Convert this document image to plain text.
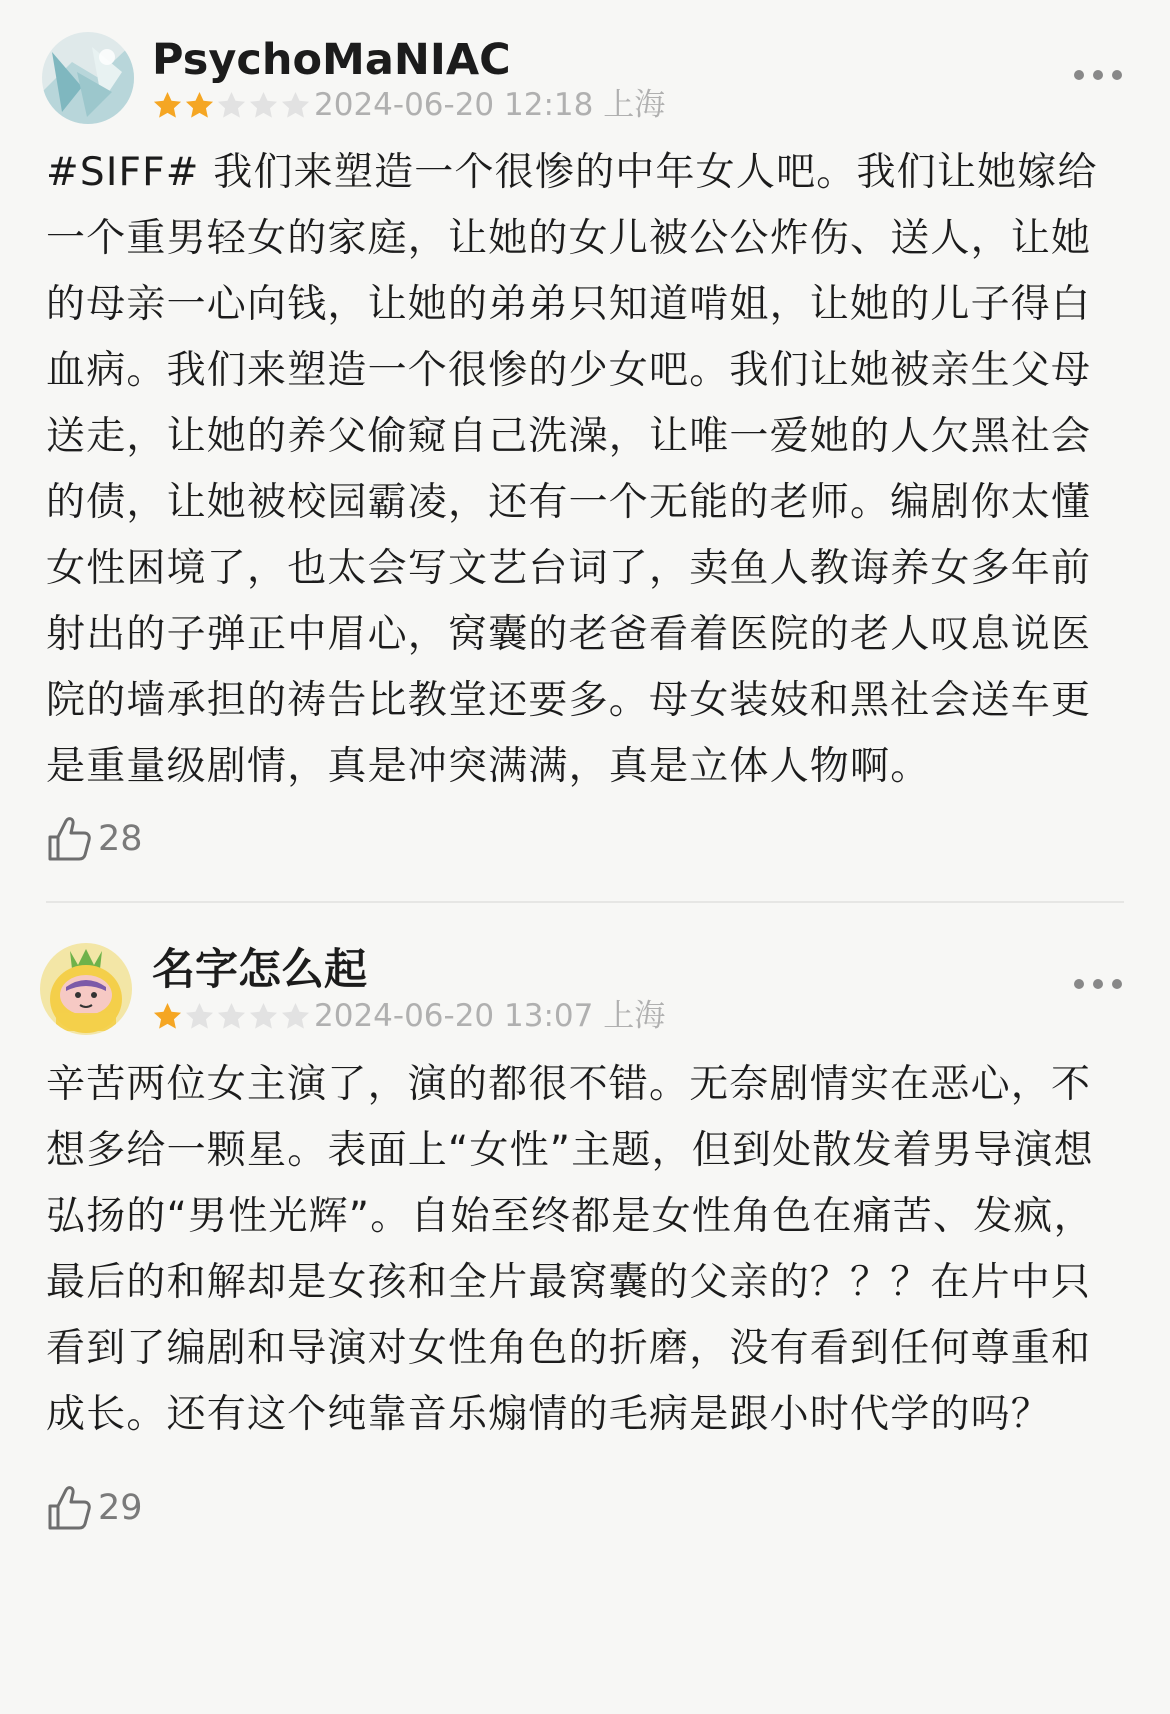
PsychoMaNIAC
2024-06-20 12:18 上海

#SIFF# 我们来塑造一个很惨的中年女人吧。我们让她嫁给一个重男轻女的家庭，让她的女儿被公公炸伤、送人，让她的母亲一心向钱，让她的弟弟只知道啃姐，让她的儿子得白血病。我们来塑造一个很惨的少女吧。我们让她被亲生父母送走，让她的养父偷窥自己洗澡，让唯一爱她的人欠黑社会的债，让她被校园霸凌，还有一个无能的老师。编剧你太懂女性困境了，也太会写文艺台词了，卖鱼人教诲养女多年前射出的子弹正中眉心，窝囊的老爸看着医院的老人叹息说医院的墙承担的祷告比教堂还要多。母女装妓和黑社会送车更是重量级剧情，真是冲突满满，真是立体人物啊。

28
名字怎么起
2024-06-20 13:07 上海

辛苦两位女主演了，演的都很不错。无奈剧情实在恶心，不想多给一颗星。表面上“女性”主题，但到处散发着男导演想弘扬的“男性光辉”。自始至终都是女性角色在痛苦、发疯，最后的和解却是女孩和全片最窝囊的父亲的？？？在片中只看到了编剧和导演对女性角色的折磨，没有看到任何尊重和成长。还有这个纯靠音乐煽情的毛病是跟小时代学的吗？

29
